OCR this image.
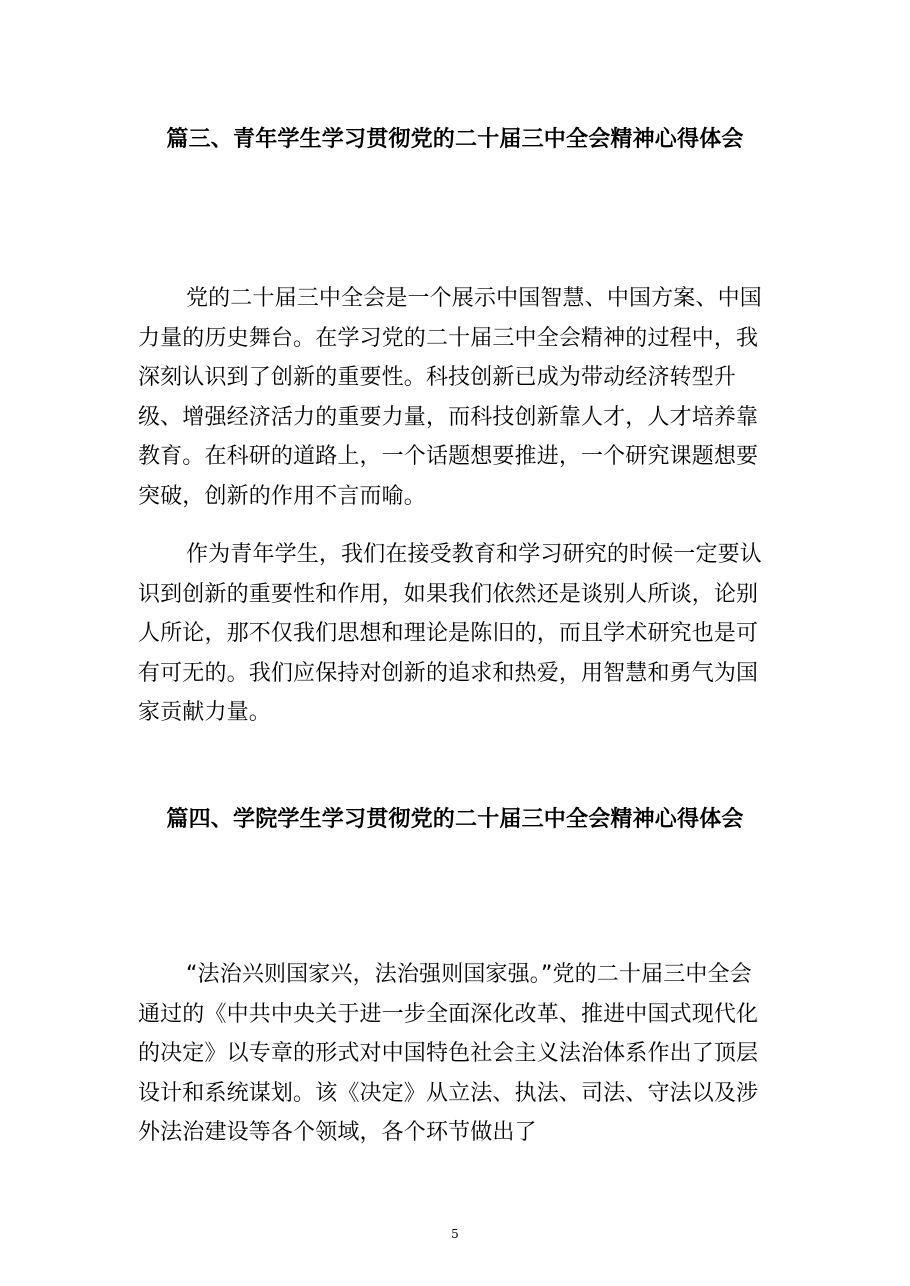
篇三、青年学生学习贯彻党的二十届三中全会精神心得体会

党的二十届三中全会是一个展示中国智慧、中国方案、中国力量的历史舞台。在学习党的二十届三中全会精神的过程中，我深刻认识到了创新的重要性。科技创新已成为带动经济转型升级、增强经济活力的重要力量，而科技创新靠人才，人才培养靠教育。在科研的道路上，一个话题想要推进，一个研究课题想要突破，创新的作用不言而喻。

作为青年学生，我们在接受教育和学习研究的时候一定要认识到创新的重要性和作用，如果我们依然还是谈别人所谈，论别人所论，那不仅我们思想和理论是陈旧的，而且学术研究也是可有可无的。我们应保持对创新的追求和热爱，用智慧和勇气为国家贡献力量。

篇四、学院学生学习贯彻党的二十届三中全会精神心得体会

“法治兴则国家兴，法治强则国家强。”党的二十届三中全会通过的《中共中央关于进一步全面深化改革、推进中国式现代化的决定》以专章的形式对中国特色社会主义法治体系作出了顶层设计和系统谋划。该《决定》从立法、执法、司法、守法以及涉外法治建设等各个领域，各个环节做出了

5
